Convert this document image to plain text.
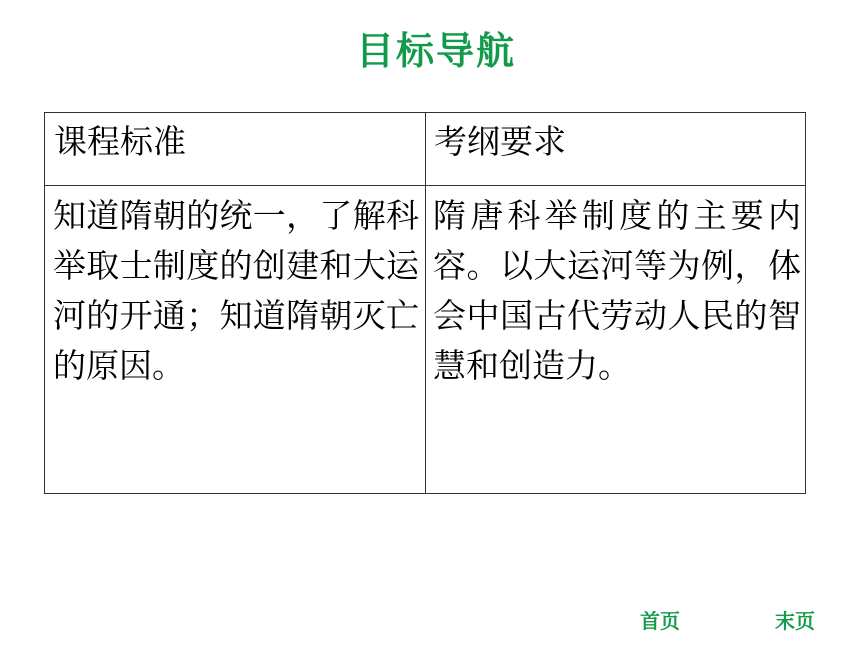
目标导航
课程标准	考纲要求
知道隋朝的统一，了解科举取士制度的创建和大运河的开通；知道隋朝灭亡的原因。
隋唐科举制度的主要内容。以大运河等为例，体会中国古代劳动人民的智慧和创造力。
首页	末页
